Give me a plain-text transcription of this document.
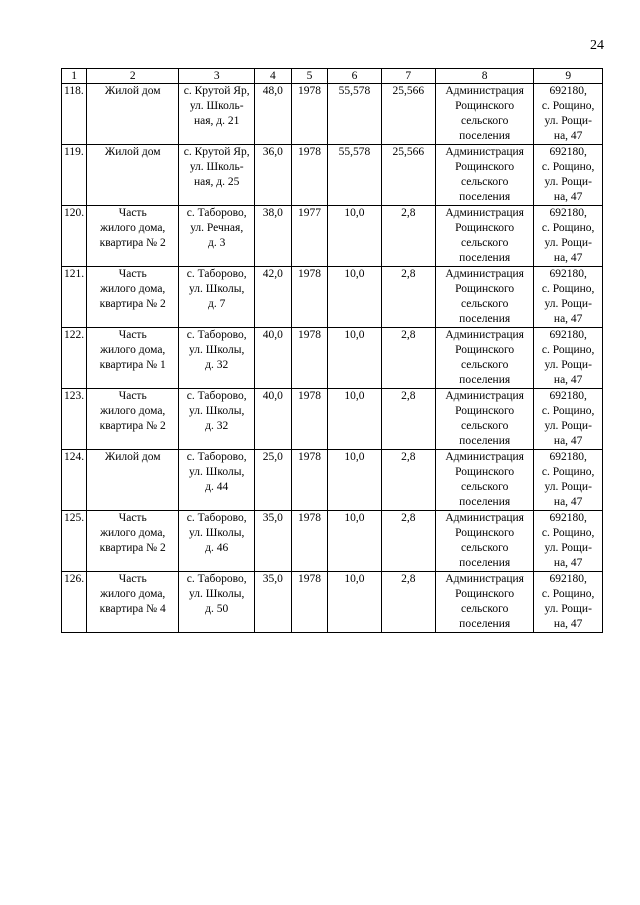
24
1	2	3	4	5	6	7	8	9
118.	Жилой дом	с. Крутой Яр,
ул. Школь-
ная, д. 21	48,0	1978	55,578	25,566	Администрация
Рощинского
сельского
поселения	692180,
с. Рощино,
ул. Рощи-
на, 47

119.	Жилой дом	с. Крутой Яр,
ул. Школь-
ная, д. 25	36,0	1978	55,578	25,566	Администрация
Рощинского
сельского
поселения	692180,
с. Рощино,
ул. Рощи-
на, 47

120.	Часть
жилого дома,
квартира № 2	с. Таборово,
ул. Речная,
д. 3	38,0	1977	10,0	2,8	Администрация
Рощинского
сельского
поселения	692180,
с. Рощино,
ул. Рощи-
на, 47

121.	Часть
жилого дома,
квартира № 2	с. Таборово,
ул. Школы,
д. 7	42,0	1978	10,0	2,8	Администрация
Рощинского
сельского
поселения	692180,
с. Рощино,
ул. Рощи-
на, 47

122.	Часть
жилого дома,
квартира № 1	с. Таборово,
ул. Школы,
д. 32	40,0	1978	10,0	2,8	Администрация
Рощинского
сельского
поселения	692180,
с. Рощино,
ул. Рощи-
на, 47

123.	Часть
жилого дома,
квартира № 2	с. Таборово,
ул. Школы,
д. 32	40,0	1978	10,0	2,8	Администрация
Рощинского
сельского
поселения	692180,
с. Рощино,
ул. Рощи-
на, 47

124.	Жилой дом	с. Таборово,
ул. Школы,
д. 44	25,0	1978	10,0	2,8	Администрация
Рощинского
сельского
поселения	692180,
с. Рощино,
ул. Рощи-
на, 47

125.	Часть
жилого дома,
квартира № 2	с. Таборово,
ул. Школы,
д. 46	35,0	1978	10,0	2,8	Администрация
Рощинского
сельского
поселения	692180,
с. Рощино,
ул. Рощи-
на, 47

126.	Часть
жилого дома,
квартира № 4	с. Таборово,
ул. Школы,
д. 50	35,0	1978	10,0	2,8	Администрация
Рощинского
сельского
поселения	692180,
с. Рощино,
ул. Рощи-
на, 47
